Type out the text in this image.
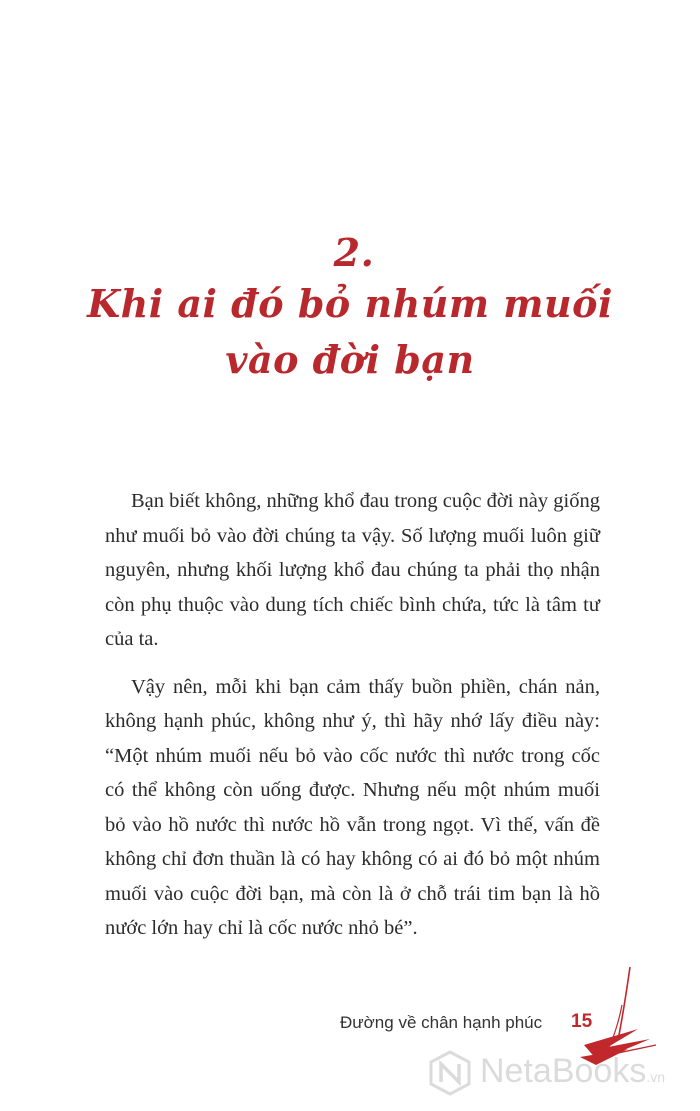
2.
Khi ai đó bỏ nhúm muối
vào đời bạn

Bạn biết không, những khổ đau trong cuộc đời này giống như muối bỏ vào đời chúng ta vậy. Số lượng muối luôn giữ nguyên, nhưng khối lượng khổ đau chúng ta phải thọ nhận còn phụ thuộc vào dung tích chiếc bình chứa, tức là tâm tư của ta.

Vậy nên, mỗi khi bạn cảm thấy buồn phiền, chán nản, không hạnh phúc, không như ý, thì hãy nhớ lấy điều này: “Một nhúm muối nếu bỏ vào cốc nước thì nước trong cốc có thể không còn uống được. Nhưng nếu một nhúm muối bỏ vào hồ nước thì nước hồ vẫn trong ngọt. Vì thế, vấn đề không chỉ đơn thuần là có hay không có ai đó bỏ một nhúm muối vào cuộc đời bạn, mà còn là ở chỗ trái tim bạn là hồ nước lớn hay chỉ là cốc nước nhỏ bé”.

Đường về chân hạnh phúc 15
NetaBooks.vn
